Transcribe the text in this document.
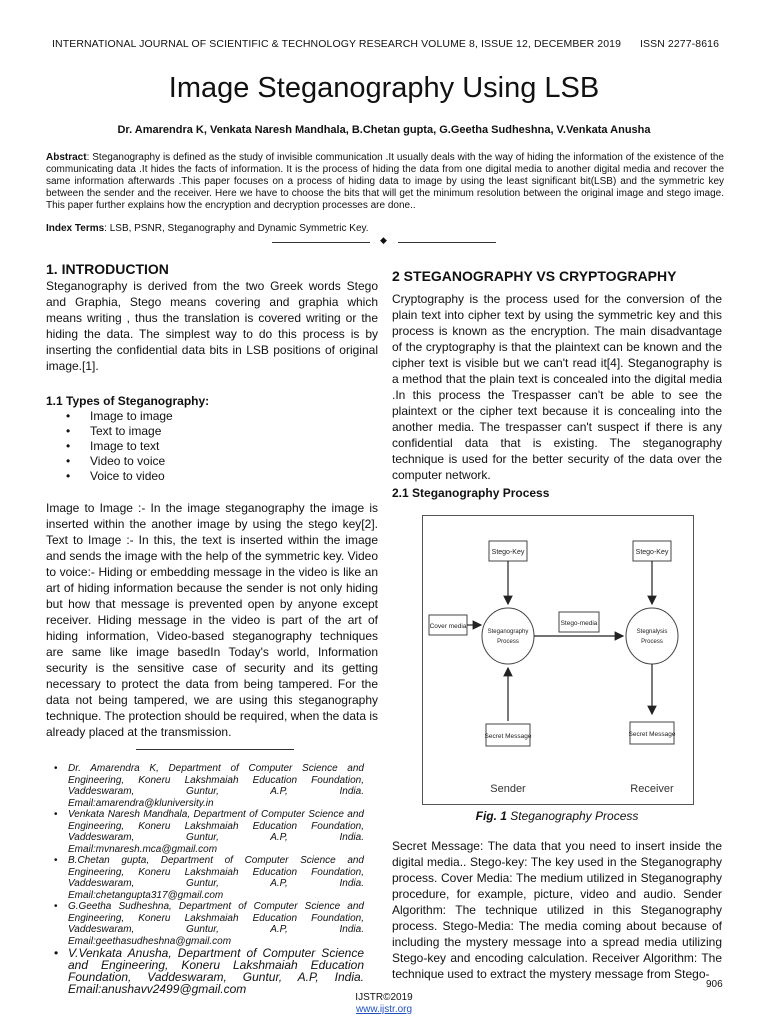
INTERNATIONAL JOURNAL OF SCIENTIFIC & TECHNOLOGY RESEARCH VOLUME 8, ISSUE 12, DECEMBER 2019 ISSN 2277-8616
Image Steganography Using LSB
Dr. Amarendra K, Venkata Naresh Mandhala, B.Chetan gupta, G.Geetha Sudheshna, V.Venkata Anusha
Abstract: Steganography is defined as the study of invisible communication .It usually deals with the way of hiding the information of the existence of the communicating data .It hides the facts of information. It is the process of hiding the data from one digital media to another digital media and recover the same information afterwards .This paper focuses on a process of hiding data to image by using the least significant bit(LSB) and the symmetric key between the sender and the receiver. Here we have to choose the bits that will get the minimum resolution between the original image and stego image. This paper further explains how the encryption and decryption processes are done..
Index Terms: LSB, PSNR, Steganography and Dynamic Symmetric Key.
◆
1. INTRODUCTION
Steganography is derived from the two Greek words Stego and Graphia, Stego means covering and graphia which means writing , thus the translation is covered writing or the hiding the data. The simplest way to do this process is by inserting the confidential data bits in LSB positions of original image.[1].
1.1 Types of Steganography:
• Image to image
• Text to image
• Image to text
• Video to voice
• Voice to video
Image to Image :- In the image steganography the image is inserted within the another image by using the stego key[2]. Text to Image :- In this, the text is inserted within the image and sends the image with the help of the symmetric key. Video to voice:- Hiding or embedding message in the video is like an art of hiding information because the sender is not only hiding but how that message is prevented open by anyone except receiver. Hiding message in the video is part of the art of hiding information, Video-based steganography techniques are same like image basedIn Today's world, Information security is the sensitive case of security and its getting necessary to protect the data from being tampered. For the data not being tampered, we are using this steganography technique. The protection should be required, when the data is already placed at the transmission.
• Dr. Amarendra K, Department of Computer Science and Engineering, Koneru Lakshmaiah Education Foundation, Vaddeswaram, Guntur, A.P, India.
Email:amarendra@kluniversity.in
• Venkata Naresh Mandhala, Department of Computer Science and Engineering, Koneru Lakshmaiah Education Foundation, Vaddeswaram, Guntur, A.P, India.
Email:mvnaresh.mca@gmail.com
• B.Chetan gupta, Department of Computer Science and Engineering, Koneru Lakshmaiah Education Foundation, Vaddeswaram, Guntur, A.P, India.
Email:chetangupta317@gmail.com
• G.Geetha Sudheshna, Department of Computer Science and Engineering, Koneru Lakshmaiah Education Foundation, Vaddeswaram, Guntur, A.P, India.
Email:geethasudheshna@gmail.com
• V.Venkata Anusha, Department of Computer Science and Engineering, Koneru Lakshmaiah Education Foundation, Vaddeswaram, Guntur, A.P, India.
Email:anushavv2499@gmail.com
2 STEGANOGRAPHY VS CRYPTOGRAPHY
Cryptography is the process used for the conversion of the plain text into cipher text by using the symmetric key and this process is known as the encryption. The main disadvantage of the cryptography is that the plaintext can be known and the cipher text is visible but we can't read it[4]. Steganography is a method that the plain text is concealed into the digital media .In this process the Trespasser can't be able to see the plaintext or the cipher text because it is concealing into the another media. The trespasser can't suspect if there is any confidential data that is existing. The steganography technique is used for the better security of the data over the computer network.
2.1 Steganography Process
Stego-Key	Stego-Key
Cover media
Steganography
Process
Stego-media
Stegnalysis
Process
Secret Message	Secret Message
Sender	Receiver
Fig. 1 Steganography Process
Secret Message: The data that you need to insert inside the digital media.. Stego-key: The key used in the Steganography process. Cover Media: The medium utilized in Steganography procedure, for example, picture, video and audio. Sender Algorithm: The technique utilized in this Steganography process. Stego-Media: The media coming about because of including the mystery message into a spread media utilizing Stego-key and encoding calculation. Receiver Algorithm: The technique used to extract the mystery message from Stego-
906
IJSTR©2019
www.ijstr.org
